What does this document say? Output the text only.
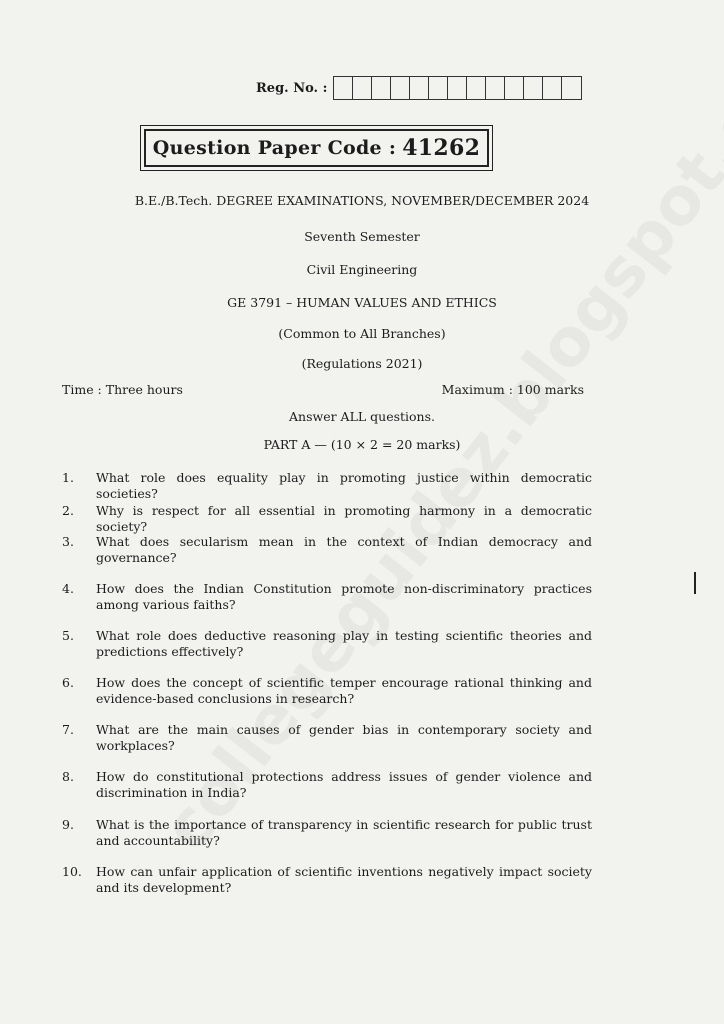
Reg. No. :
Question Paper Code : 41262
B.E./B.Tech. DEGREE EXAMINATIONS, NOVEMBER/DECEMBER 2024
Seventh Semester
Civil Engineering
GE 3791 – HUMAN VALUES AND ETHICS
(Common to All Branches)
(Regulations 2021)
Time : Three hours	Maximum : 100 marks
Answer ALL questions.
PART A — (10 × 2 = 20 marks)
1.	What role does equality play in promoting justice within democratic societies?
2.	Why is respect for all essential in promoting harmony in a democratic society?
3.	What does secularism mean in the context of Indian democracy and governance?
4.	How does the Indian Constitution promote non-discriminatory practices among various faiths?
5.	What role does deductive reasoning play in testing scientific theories and predictions effectively?
6.	How does the concept of scientific temper encourage rational thinking and evidence-based conclusions in research?
7.	What are the main causes of gender bias in contemporary society and workplaces?
8.	How do constitutional protections address issues of gender violence and discrimination in India?
9.	What is the importance of transparency in scientific research for public trust and accountability?
10.	How can unfair application of scientific inventions negatively impact society and its development?
